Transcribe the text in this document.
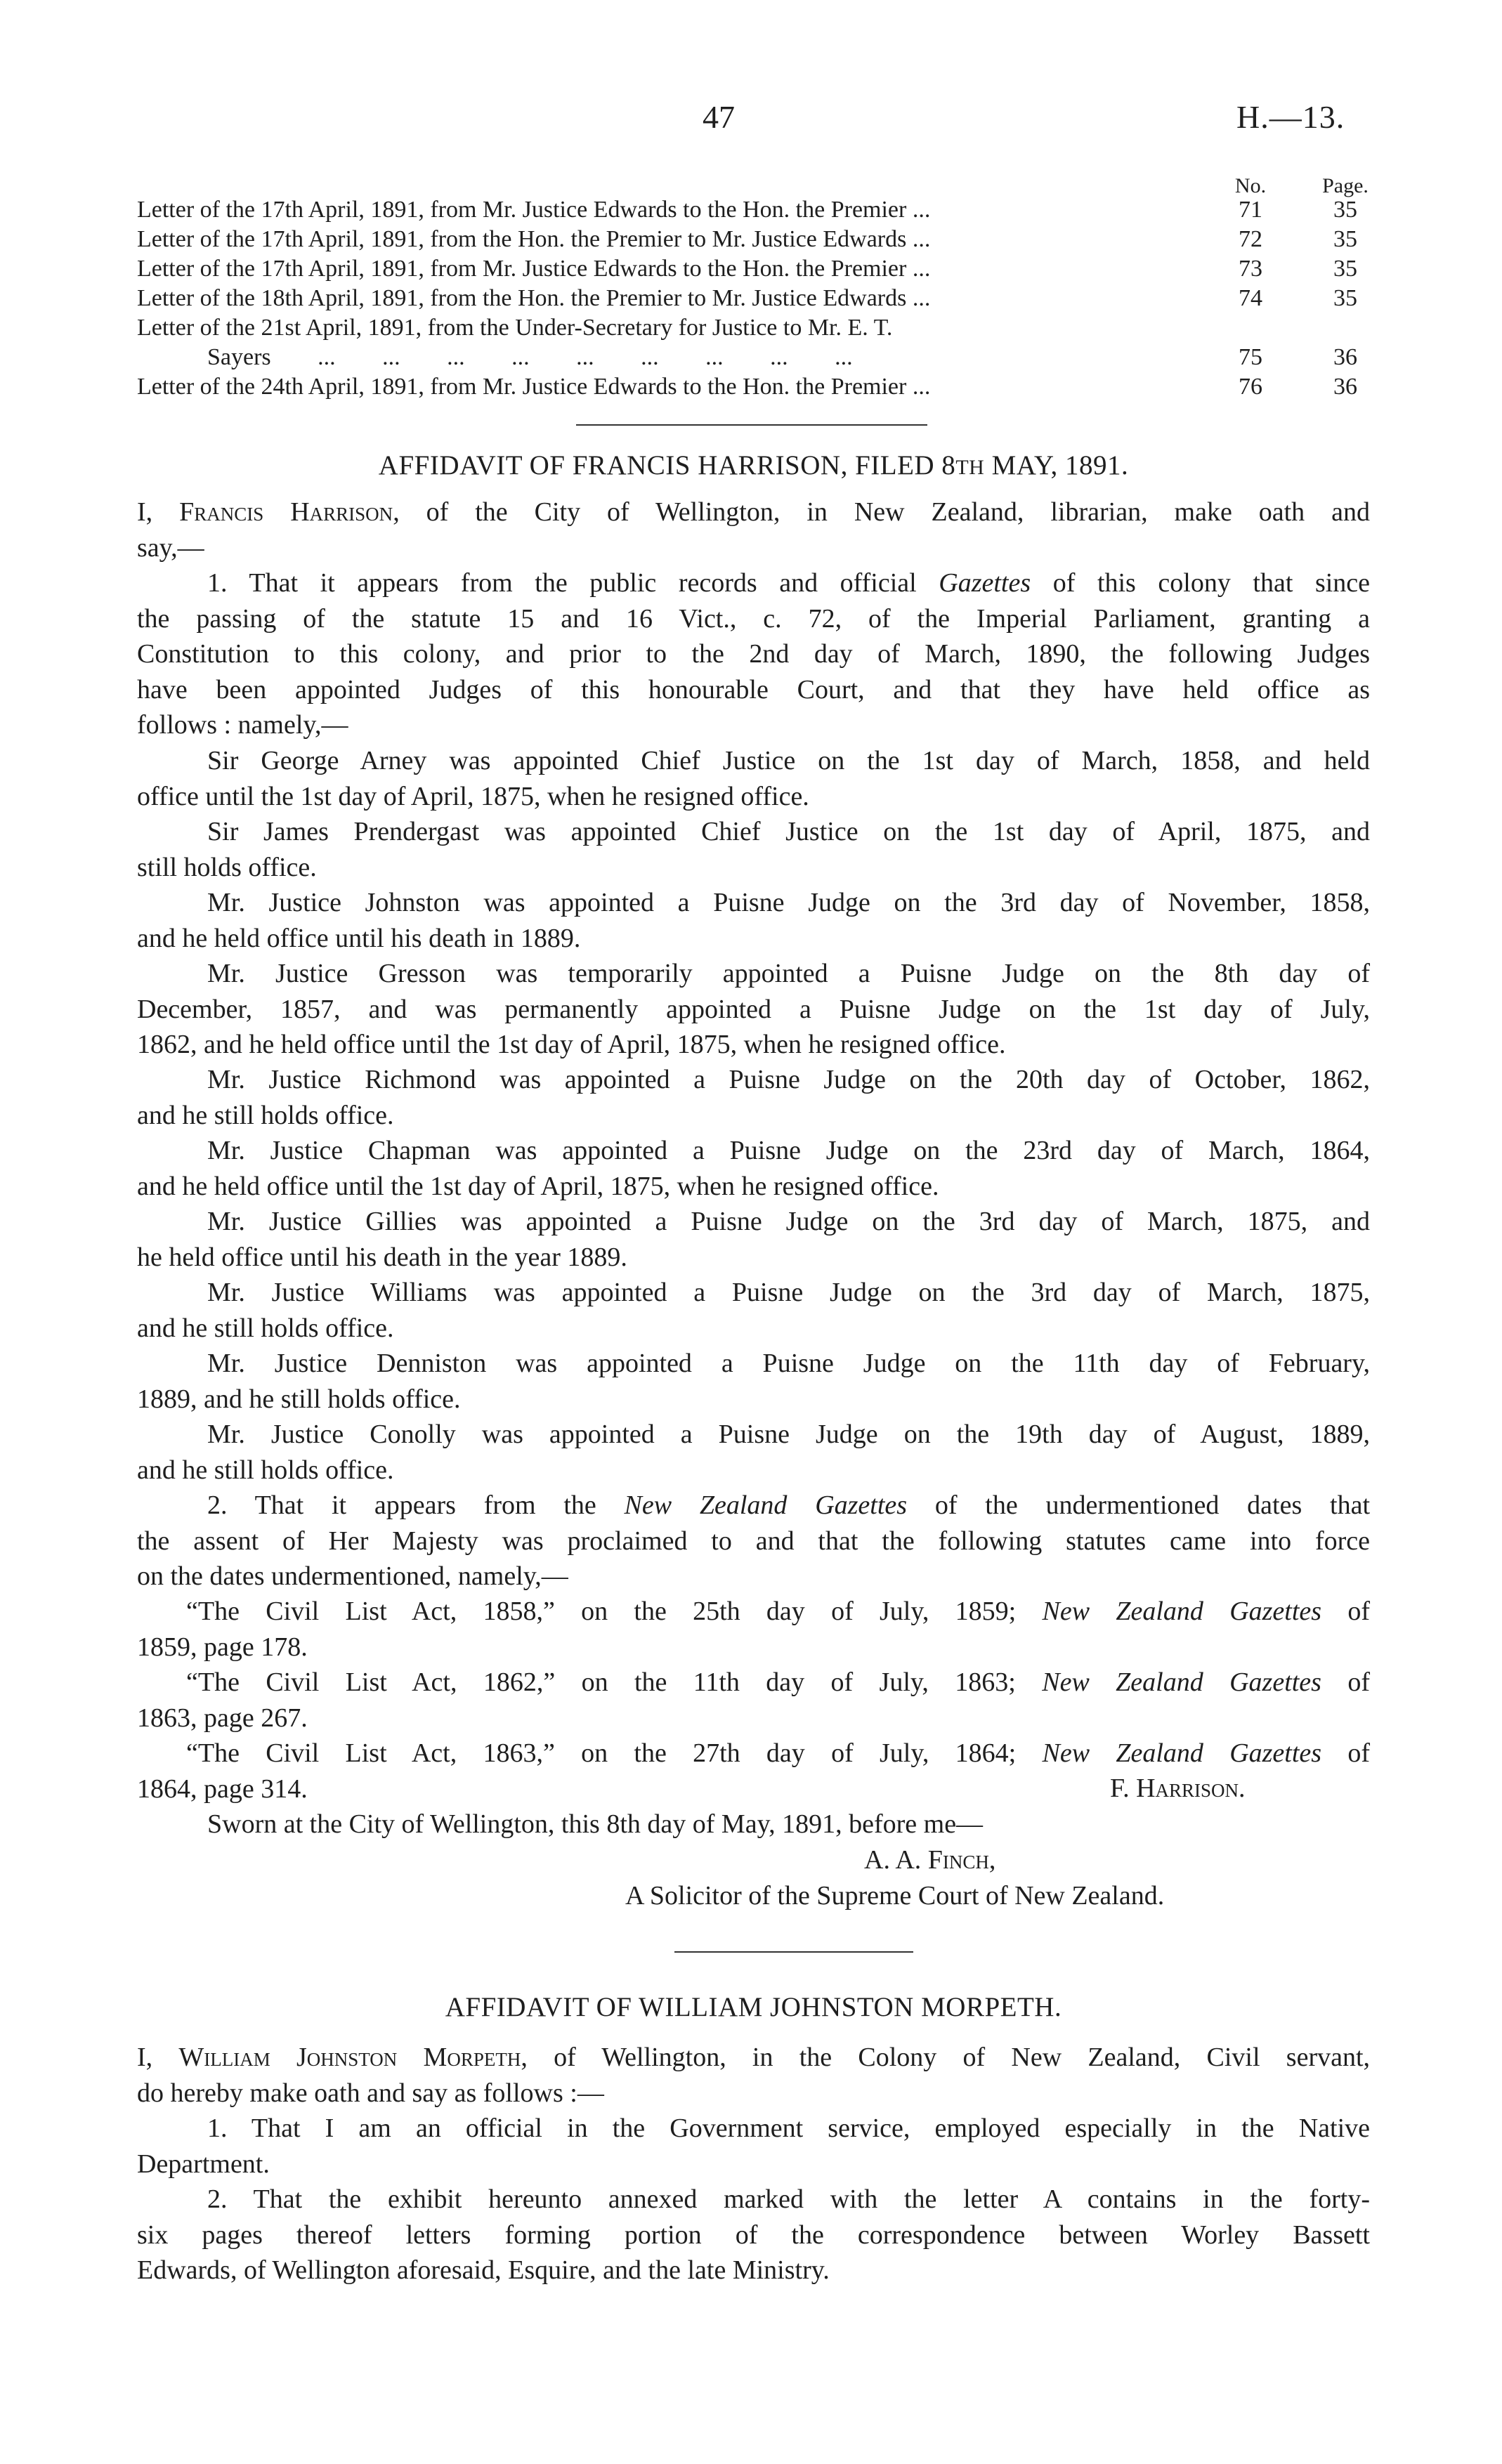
47	H.—13.
No.	Page.
Letter of the 17th April, 1891, from Mr. Justice Edwards to the Hon. the Premier ...	71	35
Letter of the 17th April, 1891, from the Hon. the Premier to Mr. Justice Edwards ...	72	35
Letter of the 17th April, 1891, from Mr. Justice Edwards to the Hon. the Premier ...	73	35
Letter of the 18th April, 1891, from the Hon. the Premier to Mr. Justice Edwards ...	74	35
Letter of the 21st April, 1891, from the Under-Secretary for Justice to Mr. E. T.
Sayers ... ... ... ... ... ... ... ... ...	75	36
Letter of the 24th April, 1891, from Mr. Justice Edwards to the Hon. the Premier ...	76	36
AFFIDAVIT OF FRANCIS HARRISON, FILED 8TH MAY, 1891.
I, Francis Harrison, of the City of Wellington, in New Zealand, librarian, make oath and
say,—
1. That it appears from the public records and official Gazettes of this colony that since
the passing of the statute 15 and 16 Vict., c. 72, of the Imperial Parliament, granting a
Constitution to this colony, and prior to the 2nd day of March, 1890, the following Judges
have been appointed Judges of this honourable Court, and that they have held office as
follows : namely,—
Sir George Arney was appointed Chief Justice on the 1st day of March, 1858, and held
office until the 1st day of April, 1875, when he resigned office.
Sir James Prendergast was appointed Chief Justice on the 1st day of April, 1875, and
still holds office.
Mr. Justice Johnston was appointed a Puisne Judge on the 3rd day of November, 1858,
and he held office until his death in 1889.
Mr. Justice Gresson was temporarily appointed a Puisne Judge on the 8th day of
December, 1857, and was permanently appointed a Puisne Judge on the 1st day of July,
1862, and he held office until the 1st day of April, 1875, when he resigned office.
Mr. Justice Richmond was appointed a Puisne Judge on the 20th day of October, 1862,
and he still holds office.
Mr. Justice Chapman was appointed a Puisne Judge on the 23rd day of March, 1864,
and he held office until the 1st day of April, 1875, when he resigned office.
Mr. Justice Gillies was appointed a Puisne Judge on the 3rd day of March, 1875, and
he held office until his death in the year 1889.
Mr. Justice Williams was appointed a Puisne Judge on the 3rd day of March, 1875,
and he still holds office.
Mr. Justice Denniston was appointed a Puisne Judge on the 11th day of February,
1889, and he still holds office.
Mr. Justice Conolly was appointed a Puisne Judge on the 19th day of August, 1889,
and he still holds office.
2. That it appears from the New Zealand Gazettes of the undermentioned dates that
the assent of Her Majesty was proclaimed to and that the following statutes came into force
on the dates undermentioned, namely,—
“The Civil List Act, 1858,” on the 25th day of July, 1859; New Zealand Gazettes of
1859, page 178.
“The Civil List Act, 1862,” on the 11th day of July, 1863; New Zealand Gazettes of
1863, page 267.
“The Civil List Act, 1863,” on the 27th day of July, 1864; New Zealand Gazettes of
1864, page 314.	F. Harrison.
Sworn at the City of Wellington, this 8th day of May, 1891, before me—
A. A. Finch,
A Solicitor of the Supreme Court of New Zealand.
AFFIDAVIT OF WILLIAM JOHNSTON MORPETH.
I, William Johnston Morpeth, of Wellington, in the Colony of New Zealand, Civil servant,
do hereby make oath and say as follows :—
1. That I am an official in the Government service, employed especially in the Native
Department.
2. That the exhibit hereunto annexed marked with the letter A contains in the forty-
six pages thereof letters forming portion of the correspondence between Worley Bassett
Edwards, of Wellington aforesaid, Esquire, and the late Ministry.
